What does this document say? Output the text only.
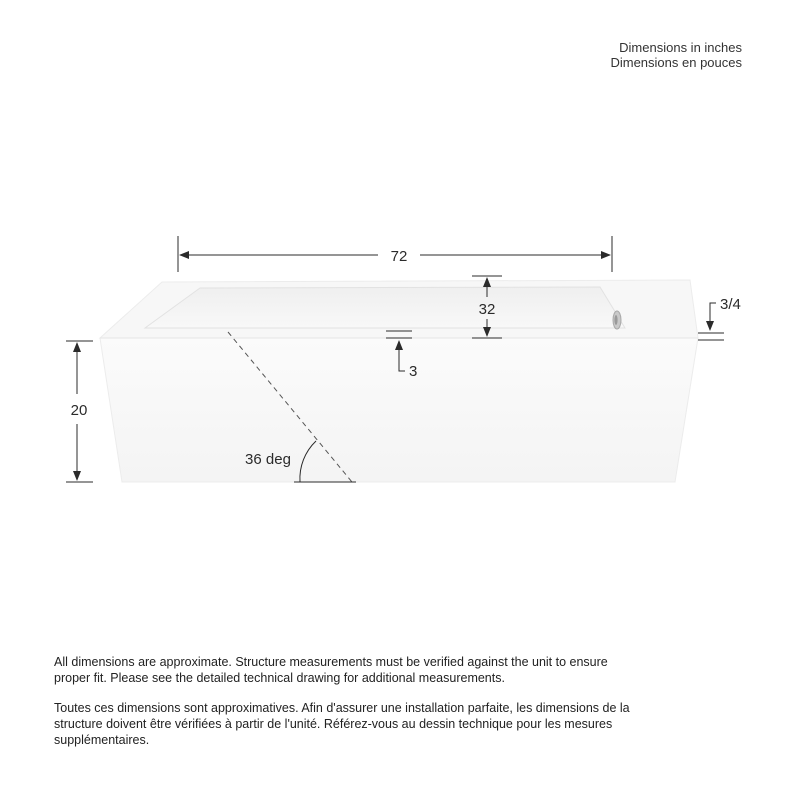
Dimensions in inches
Dimensions en pouces
72
32
3
3/4
20
36 deg

All dimensions are approximate. Structure measurements must be verified against the unit to ensure proper fit. Please see the detailed technical drawing for additional measurements.

Toutes ces dimensions sont approximatives. Afin d'assurer une installation parfaite, les dimensions de la structure doivent être vérifiées à partir de l'unité. Référez-vous au dessin technique pour les mesures supplémentaires.
